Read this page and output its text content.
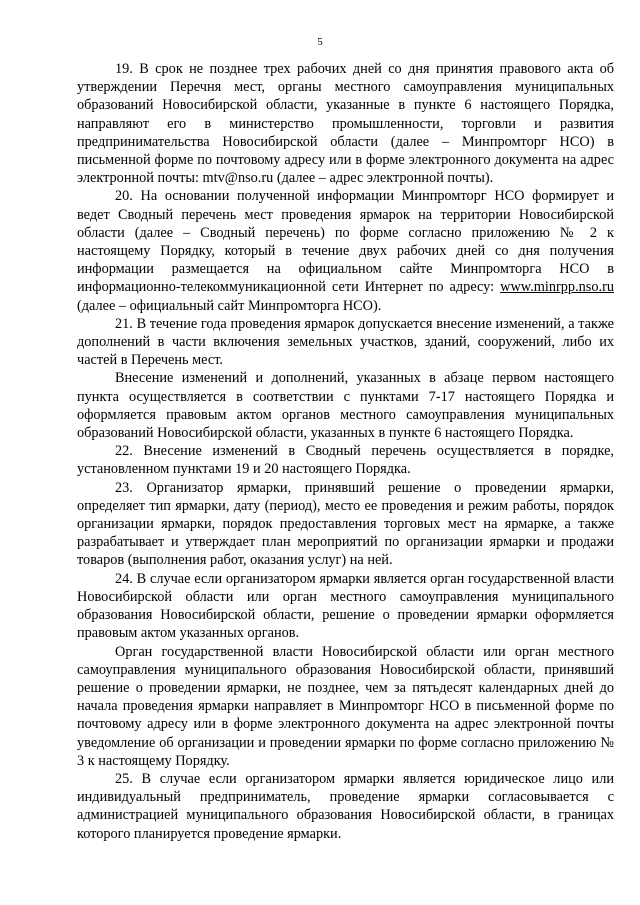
5

19. В срок не позднее трех рабочих дней со дня принятия правового акта об утверждении Перечня мест, органы местного самоуправления муниципальных образований Новосибирской области, указанные в пункте 6 настоящего Порядка, направляют его в министерство промышленности, торговли и развития предпринимательства Новосибирской области (далее – Минпромторг НСО) в письменной форме по почтовому адресу или в форме электронного документа на адрес электронной почты: mtv@nso.ru (далее – адрес электронной почты).

20. На основании полученной информации Минпромторг НСО формирует и ведет Сводный перечень мест проведения ярмарок на территории Новосибирской области (далее – Сводный перечень) по форме согласно приложению № 2 к настоящему Порядку, который в течение двух рабочих дней со дня получения информации размещается на официальном сайте Минпромторга НСО в информационно-телекоммуникационной сети Интернет по адресу: www.minrpp.nso.ru (далее – официальный сайт Минпромторга НСО).

21. В течение года проведения ярмарок допускается внесение изменений, а также дополнений в части включения земельных участков, зданий, сооружений, либо их частей в Перечень мест.

Внесение изменений и дополнений, указанных в абзаце первом настоящего пункта осуществляется в соответствии с пунктами 7-17 настоящего Порядка и оформляется правовым актом органов местного самоуправления муниципальных образований Новосибирской области, указанных в пункте 6 настоящего Порядка.

22. Внесение изменений в Сводный перечень осуществляется в порядке, установленном пунктами 19 и 20 настоящего Порядка.

23. Организатор ярмарки, принявший решение о проведении ярмарки, определяет тип ярмарки, дату (период), место ее проведения и режим работы, порядок организации ярмарки, порядок предоставления торговых мест на ярмарке, а также разрабатывает и утверждает план мероприятий по организации ярмарки и продажи товаров (выполнения работ, оказания услуг) на ней.

24. В случае если организатором ярмарки является орган государственной власти Новосибирской области или орган местного самоуправления муниципального образования Новосибирской области, решение о проведении ярмарки оформляется правовым актом указанных органов.

Орган государственной власти Новосибирской области или орган местного самоуправления муниципального образования Новосибирской области, принявший решение о проведении ярмарки, не позднее, чем за пятьдесят календарных дней до начала проведения ярмарки направляет в Минпромторг НСО в письменной форме по почтовому адресу или в форме электронного документа на адрес электронной почты уведомление об организации и проведении ярмарки по форме согласно приложению № 3 к настоящему Порядку.

25. В случае если организатором ярмарки является юридическое лицо или индивидуальный предприниматель, проведение ярмарки согласовывается с администрацией муниципального образования Новосибирской области, в границах которого планируется проведение ярмарки.
